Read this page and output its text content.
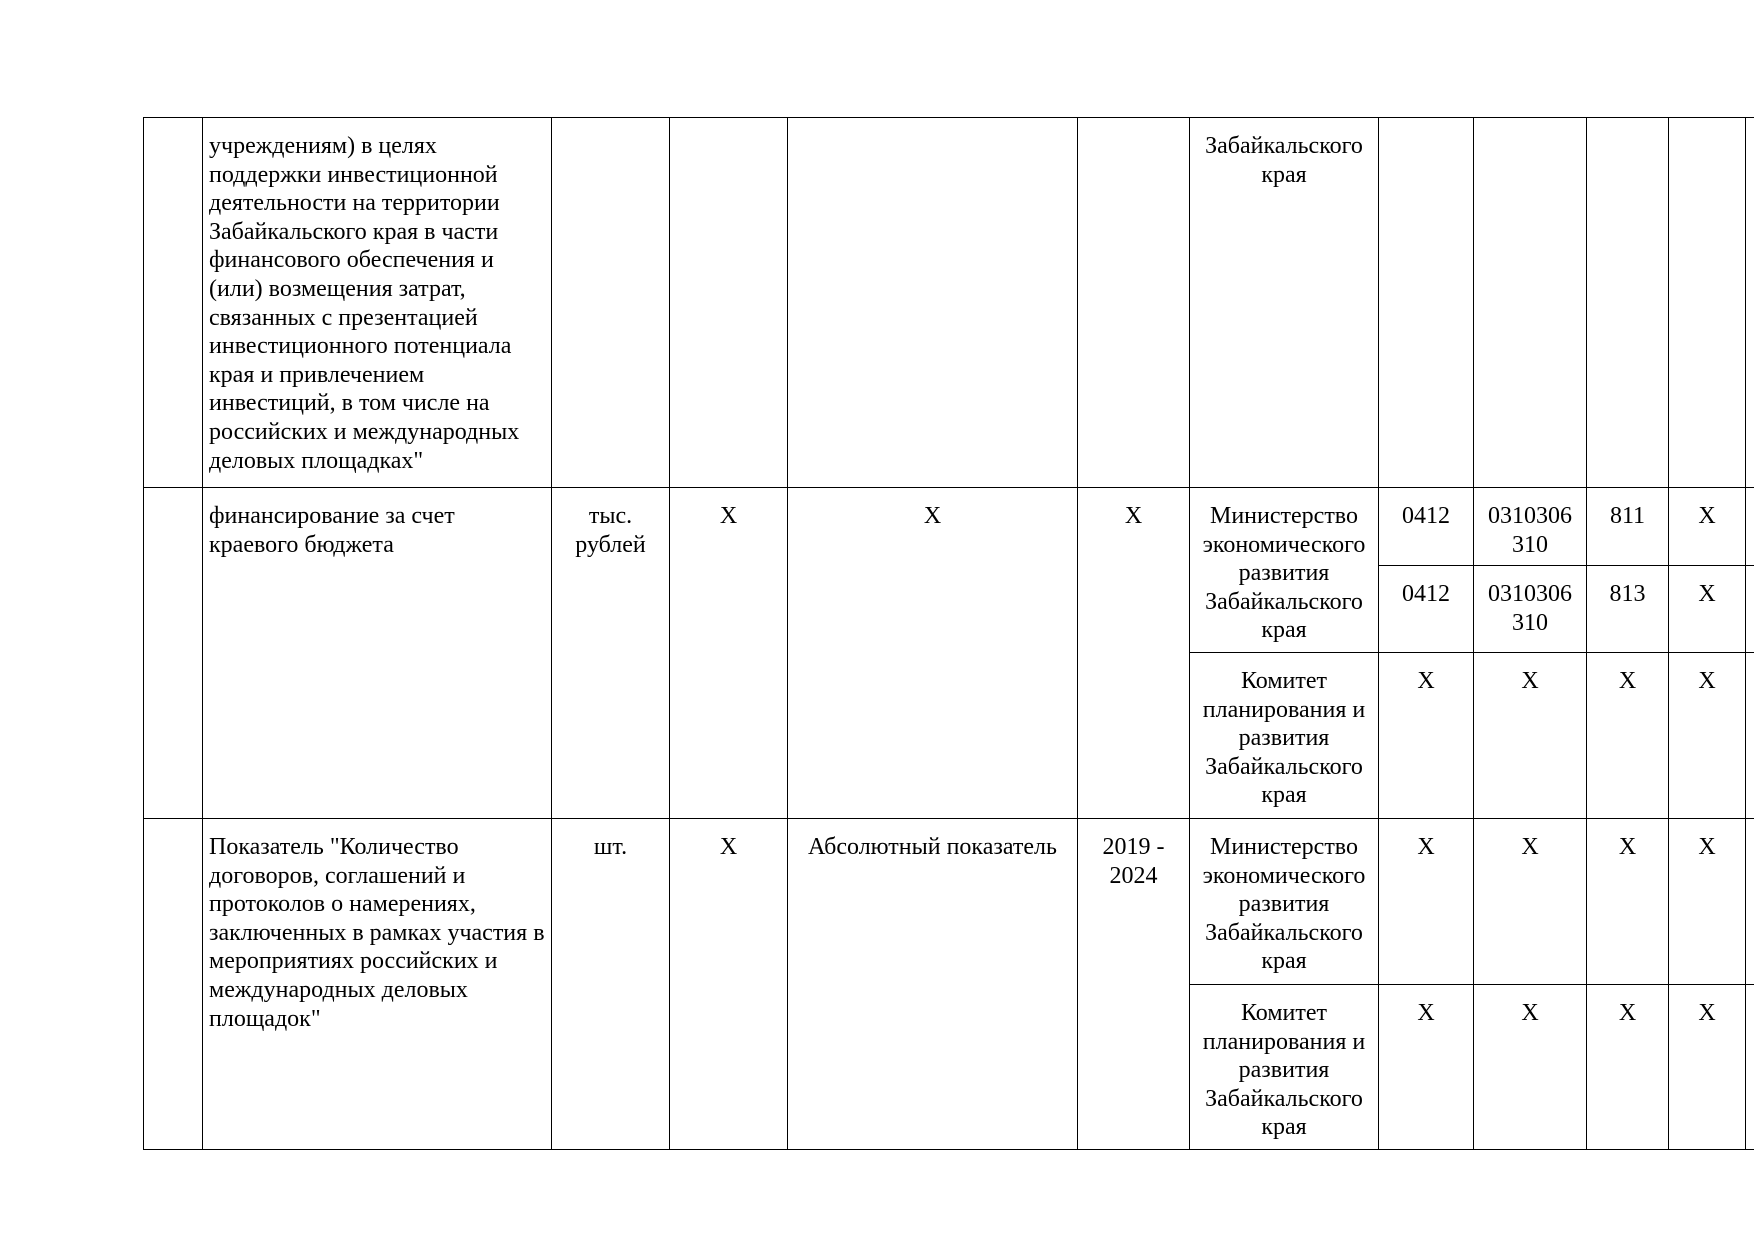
	учреждениям) в целях поддержки инвестиционной деятельности на территории Забайкальского края в части финансового обеспечения и (или) возмещения затрат, связанных с презентацией инвестиционного потенциала края и привлечением инвестиций, в том числе на российских и международных деловых площадках"					Забайкальского края					
	финансирование за счет краевого бюджета	тыс. рублей	X	X	X	Министерство экономического развития Забайкальского края	0412	0310306 310	811	X	
							0412	0310306 310	813	X	
						Комитет планирования и развития Забайкальского края	X	X	X	X	
	Показатель "Количество договоров, соглашений и протоколов о намерениях, заключенных в рамках участия в мероприятиях российских и международных деловых площадок"	шт.	X	Абсолютный показатель	2019 - 2024	Министерство экономического развития Забайкальского края	X	X	X	X	
						Комитет планирования и развития Забайкальского края	X	X	X	X	
